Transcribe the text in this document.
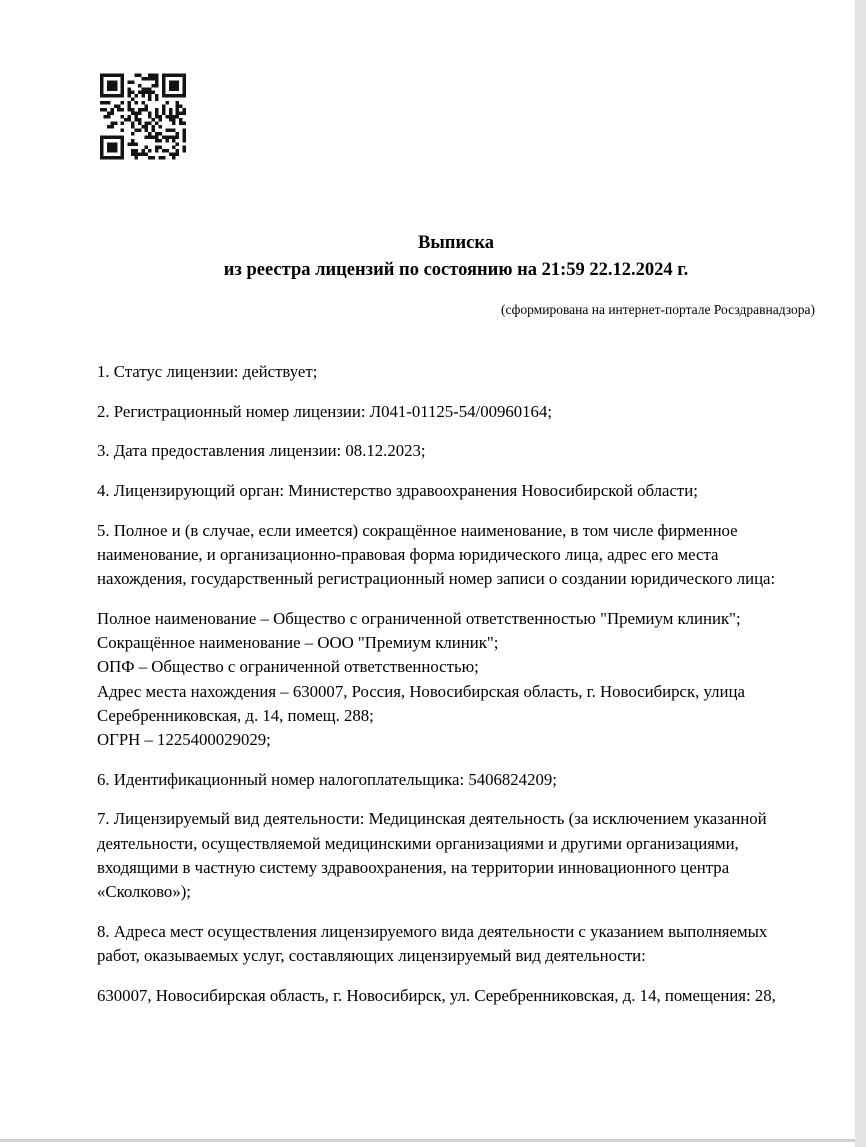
Выписка
из реестра лицензий по состоянию на 21:59 22.12.2024 г.
(сформирована на интернет-портале Росздравнадзора)
1. Статус лицензии: действует;
2. Регистрационный номер лицензии: Л041-01125-54/00960164;
3. Дата предоставления лицензии: 08.12.2023;
4. Лицензирующий орган: Министерство здравоохранения Новосибирской области;
5. Полное и (в случае, если имеется) сокращённое наименование, в том числе фирменное
наименование, и организационно-правовая форма юридического лица, адрес его места
нахождения, государственный регистрационный номер записи о создании юридического лица:
Полное наименование – Общество с ограниченной ответственностью "Премиум клиник";
Сокращённое наименование – ООО "Премиум клиник";
ОПФ – Общество с ограниченной ответственностью;
Адрес места нахождения – 630007, Россия, Новосибирская область, г. Новосибирск, улица
Серебренниковская, д. 14, помещ. 288;
ОГРН – 1225400029029;
6. Идентификационный номер налогоплательщика: 5406824209;
7. Лицензируемый вид деятельности: Медицинская деятельность (за исключением указанной
деятельности, осуществляемой медицинскими организациями и другими организациями,
входящими в частную систему здравоохранения, на территории инновационного центра
«Сколково»);
8. Адреса мест осуществления лицензируемого вида деятельности с указанием выполняемых
работ, оказываемых услуг, составляющих лицензируемый вид деятельности:
630007, Новосибирская область, г. Новосибирск, ул. Серебренниковская, д. 14, помещения: 28,
